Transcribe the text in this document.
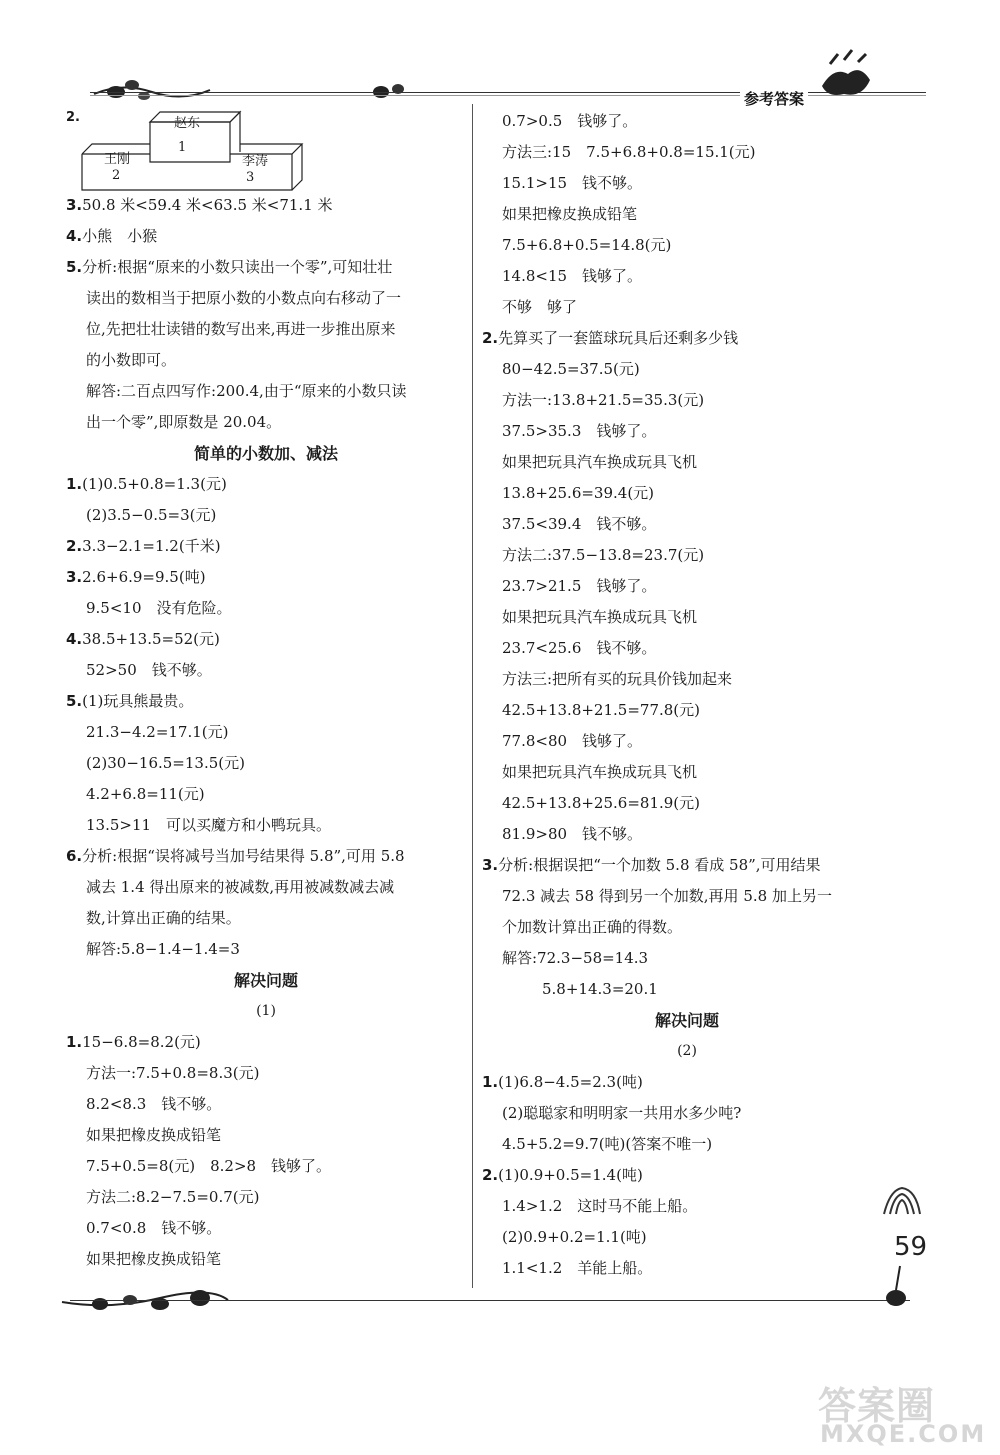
参考答案
2.	赵东
1
王刚
2
李涛
3
3.50.8 米<59.4 米<63.5 米<71.1 米
4.小熊　小猴
5.分析:根据“原来的小数只读出一个零”,可知壮壮
读出的数相当于把原小数的小数点向右移动了一
位,先把壮壮读错的数写出来,再进一步推出原来
的小数即可。
解答:二百点四写作:200.4,由于“原来的小数只读
出一个零”,即原数是 20.04。
简单的小数加、减法
1.(1)0.5+0.8=1.3(元)
(2)3.5−0.5=3(元)
2.3.3−2.1=1.2(千米)
3.2.6+6.9=9.5(吨)
9.5<10　没有危险。
4.38.5+13.5=52(元)
52>50　钱不够。
5.(1)玩具熊最贵。
21.3−4.2=17.1(元)
(2)30−16.5=13.5(元)
4.2+6.8=11(元)
13.5>11　可以买魔方和小鸭玩具。
6.分析:根据“误将减号当加号结果得 5.8”,可用 5.8
减去 1.4 得出原来的被减数,再用被减数减去减
数,计算出正确的结果。
解答:5.8−1.4−1.4=3
解决问题
(1)
1.15−6.8=8.2(元)
方法一:7.5+0.8=8.3(元)
8.2<8.3　钱不够。
如果把橡皮换成铅笔
7.5+0.5=8(元)　8.2>8　钱够了。
方法二:8.2−7.5=0.7(元)
0.7<0.8　钱不够。
如果把橡皮换成铅笔
0.7>0.5　钱够了。
方法三:15　7.5+6.8+0.8=15.1(元)
15.1>15　钱不够。
如果把橡皮换成铅笔
7.5+6.8+0.5=14.8(元)
14.8<15　钱够了。
不够　够了
2.先算买了一套篮球玩具后还剩多少钱
80−42.5=37.5(元)
方法一:13.8+21.5=35.3(元)
37.5>35.3　钱够了。
如果把玩具汽车换成玩具飞机
13.8+25.6=39.4(元)
37.5<39.4　钱不够。
方法二:37.5−13.8=23.7(元)
23.7>21.5　钱够了。
如果把玩具汽车换成玩具飞机
23.7<25.6　钱不够。
方法三:把所有买的玩具价钱加起来
42.5+13.8+21.5=77.8(元)
77.8<80　钱够了。
如果把玩具汽车换成玩具飞机
42.5+13.8+25.6=81.9(元)
81.9>80　钱不够。
3.分析:根据误把“一个加数 5.8 看成 58”,可用结果
72.3 减去 58 得到另一个加数,再用 5.8 加上另一
个加数计算出正确的得数。
解答:72.3−58=14.3
5.8+14.3=20.1
解决问题
(2)
1.(1)6.8−4.5=2.3(吨)
(2)聪聪家和明明家一共用水多少吨?
4.5+5.2=9.7(吨)(答案不唯一)
2.(1)0.9+0.5=1.4(吨)
1.4>1.2　这时马不能上船。
(2)0.9+0.2=1.1(吨)
1.1<1.2　羊能上船。
59
答案圈
MXQE.COM
